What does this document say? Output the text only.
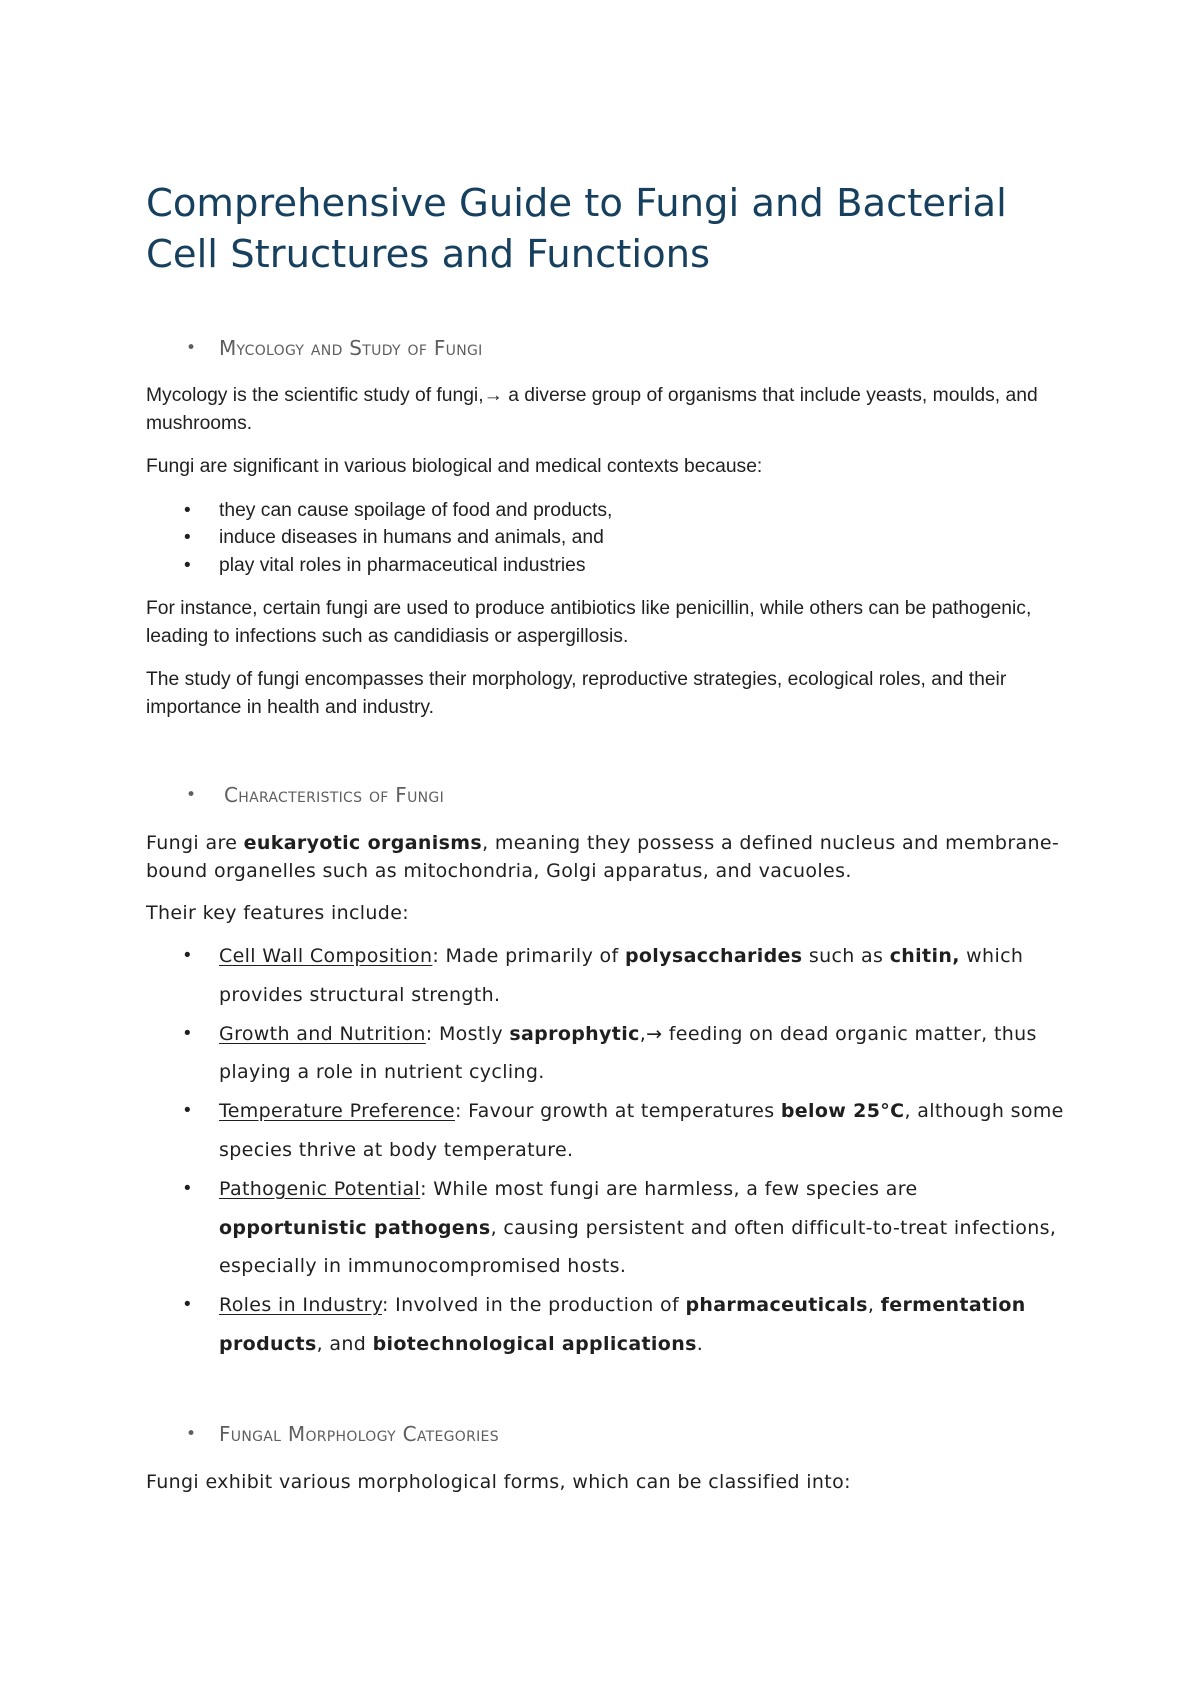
Comprehensive Guide to Fungi and Bacterial Cell Structures and Functions
• Mycology and Study of Fungi

Mycology is the scientific study of fungi,→ a diverse group of organisms that include yeasts, moulds, and mushrooms.

Fungi are significant in various biological and medical contexts because:

• they can cause spoilage of food and products,
• induce diseases in humans and animals, and
• play vital roles in pharmaceutical industries

For instance, certain fungi are used to produce antibiotics like penicillin, while others can be pathogenic, leading to infections such as candidiasis or aspergillosis.

The study of fungi encompasses their morphology, reproductive strategies, ecological roles, and their importance in health and industry.

• Characteristics of Fungi

Fungi are eukaryotic organisms, meaning they possess a defined nucleus and membrane-bound organelles such as mitochondria, Golgi apparatus, and vacuoles.

Their key features include:

• Cell Wall Composition: Made primarily of polysaccharides such as chitin, which provides structural strength.
• Growth and Nutrition: Mostly saprophytic,→ feeding on dead organic matter, thus playing a role in nutrient cycling.
• Temperature Preference: Favour growth at temperatures below 25°C, although some species thrive at body temperature.
• Pathogenic Potential: While most fungi are harmless, a few species are opportunistic pathogens, causing persistent and often difficult-to-treat infections, especially in immunocompromised hosts.
• Roles in Industry: Involved in the production of pharmaceuticals, fermentation products, and biotechnological applications.
• Fungal Morphology Categories

Fungi exhibit various morphological forms, which can be classified into:
